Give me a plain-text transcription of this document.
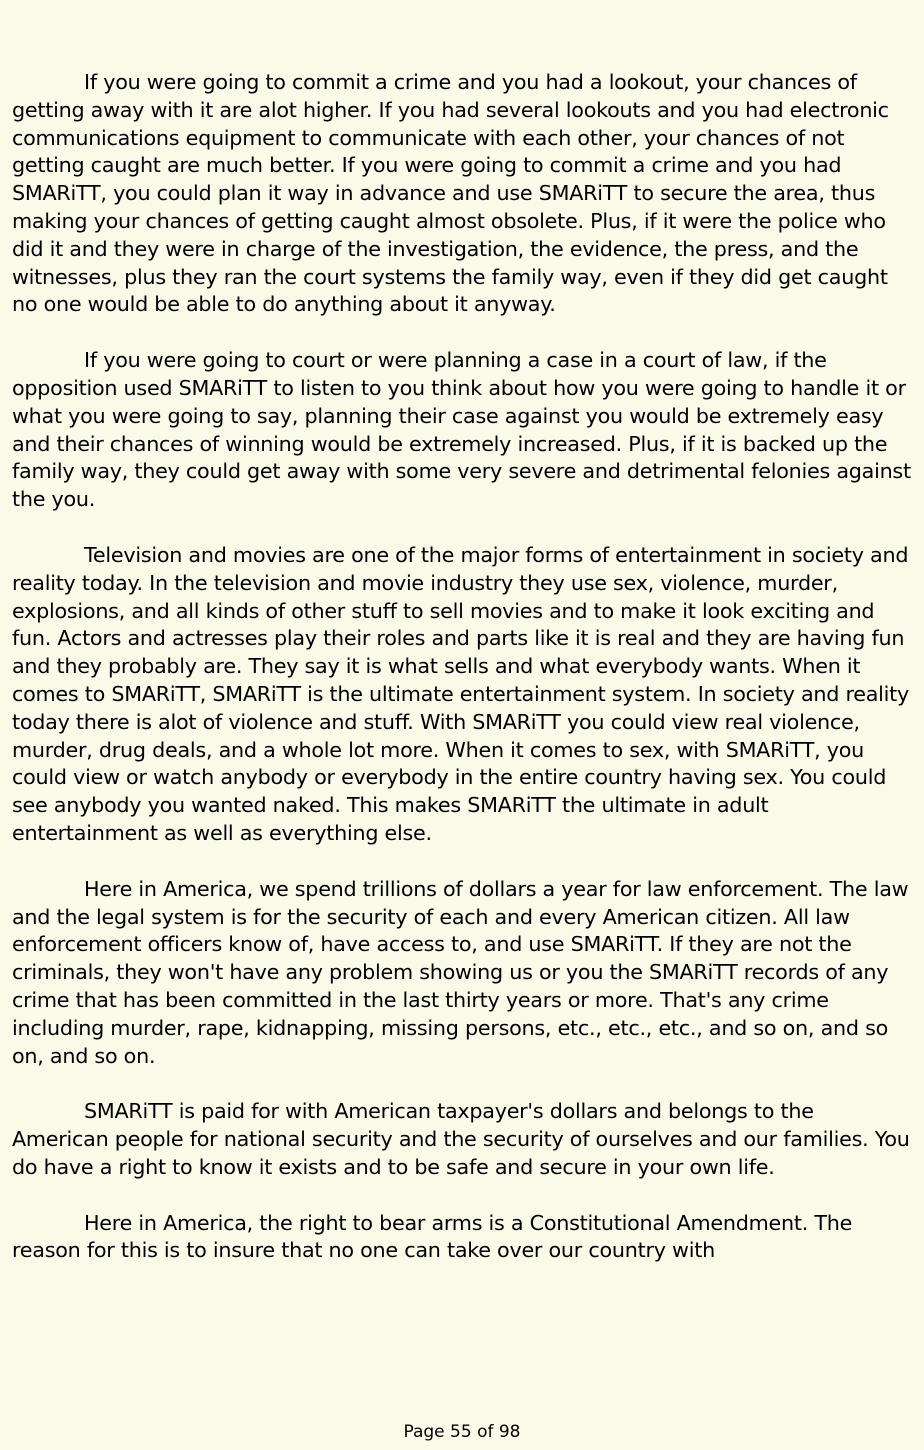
If you were going to commit a crime and you had a lookout, your chances of getting away with it are alot higher. If you had several lookouts and you had electronic communications equipment to communicate with each other, your chances of not getting caught are much better. If you were going to commit a crime and you had SMARiTT, you could plan it way in advance and use SMARiTT to secure the area, thus making your chances of getting caught almost obsolete. Plus, if it were the police who did it and they were in charge of the investigation, the evidence, the press, and the witnesses, plus they ran the court systems the family way, even if they did get caught no one would be able to do anything about it anyway.

If you were going to court or were planning a case in a court of law, if the opposition used SMARiTT to listen to you think about how you were going to handle it or what you were going to say, planning their case against you would be extremely easy and their chances of winning would be extremely increased. Plus, if it is backed up the family way, they could get away with some very severe and detrimental felonies against the you.

Television and movies are one of the major forms of entertainment in society and reality today. In the television and movie industry they use sex, violence, murder, explosions, and all kinds of other stuff to sell movies and to make it look exciting and fun. Actors and actresses play their roles and parts like it is real and they are having fun and they probably are. They say it is what sells and what everybody wants. When it comes to SMARiTT, SMARiTT is the ultimate entertainment system. In society and reality today there is alot of violence and stuff. With SMARiTT you could view real violence, murder, drug deals, and a whole lot more. When it comes to sex, with SMARiTT, you could view or watch anybody or everybody in the entire country having sex. You could see anybody you wanted naked. This makes SMARiTT the ultimate in adult entertainment as well as everything else.

Here in America, we spend trillions of dollars a year for law enforcement. The law and the legal system is for the security of each and every American citizen. All law enforcement officers know of, have access to, and use SMARiTT. If they are not the criminals, they won't have any problem showing us or you the SMARiTT records of any crime that has been committed in the last thirty years or more. That's any crime including murder, rape, kidnapping, missing persons, etc., etc., etc., and so on, and so on, and so on.

SMARiTT is paid for with American taxpayer's dollars and belongs to the American people for national security and the security of ourselves and our families. You do have a right to know it exists and to be safe and secure in your own life.

Here in America, the right to bear arms is a Constitutional Amendment. The reason for this is to insure that no one can take over our country with

Page 55 of 98
